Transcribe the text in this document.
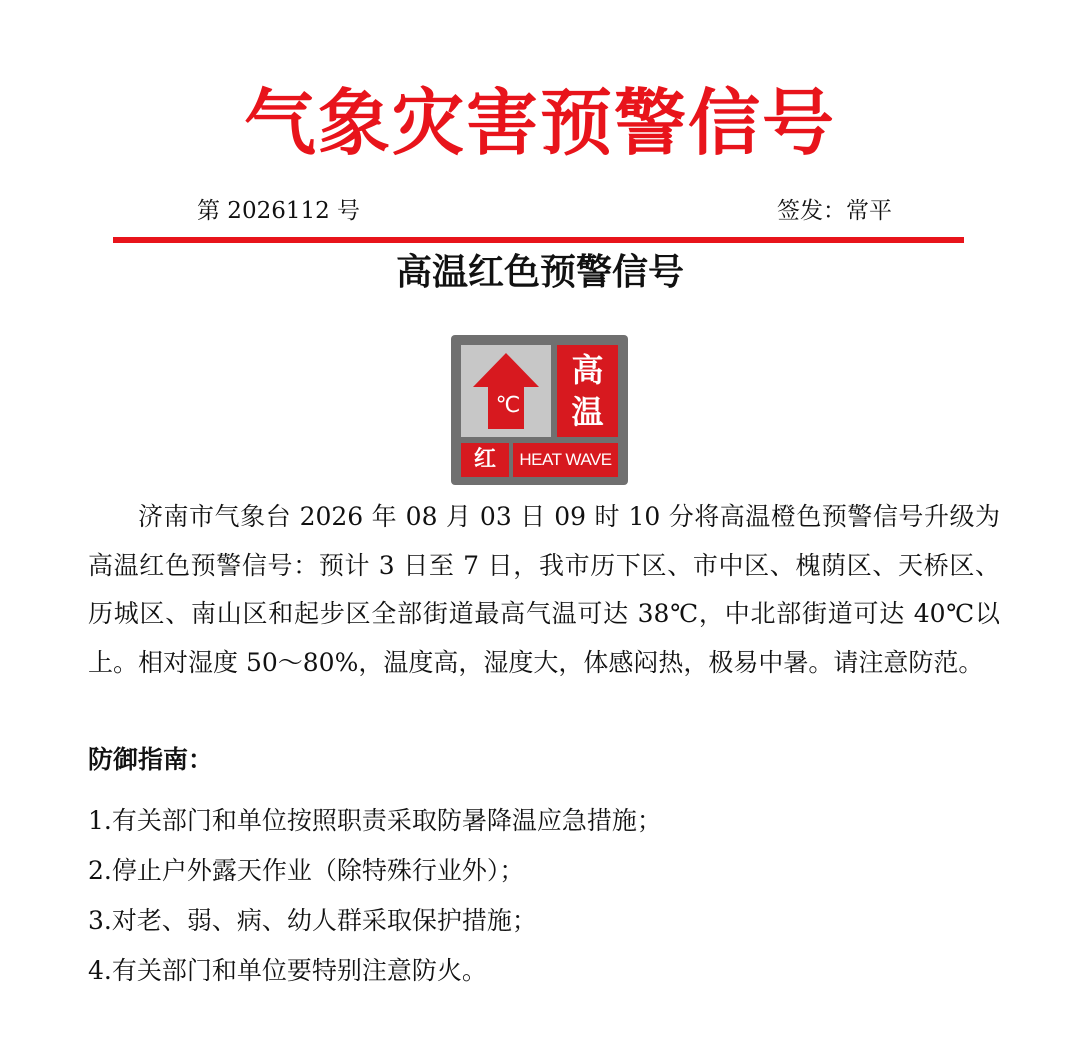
气象灾害预警信号
第 2026112 号	签发：常平
高温红色预警信号
℃
高
温
红	HEAT WAVE
济南市气象台 2026 年 08 月 03 日 09 时 10 分将高温橙色预警信号升级为高温红色预警信号：预计 3 日至 7 日，我市历下区、市中区、槐荫区、天桥区、历城区、南山区和起步区全部街道最高气温可达 38℃，中北部街道可达 40℃以上。相对湿度 50～80%，温度高，湿度大，体感闷热，极易中暑。请注意防范。
防御指南：
1.有关部门和单位按照职责采取防暑降温应急措施；
2.停止户外露天作业（除特殊行业外）；
3.对老、弱、病、幼人群采取保护措施；
4.有关部门和单位要特别注意防火。
